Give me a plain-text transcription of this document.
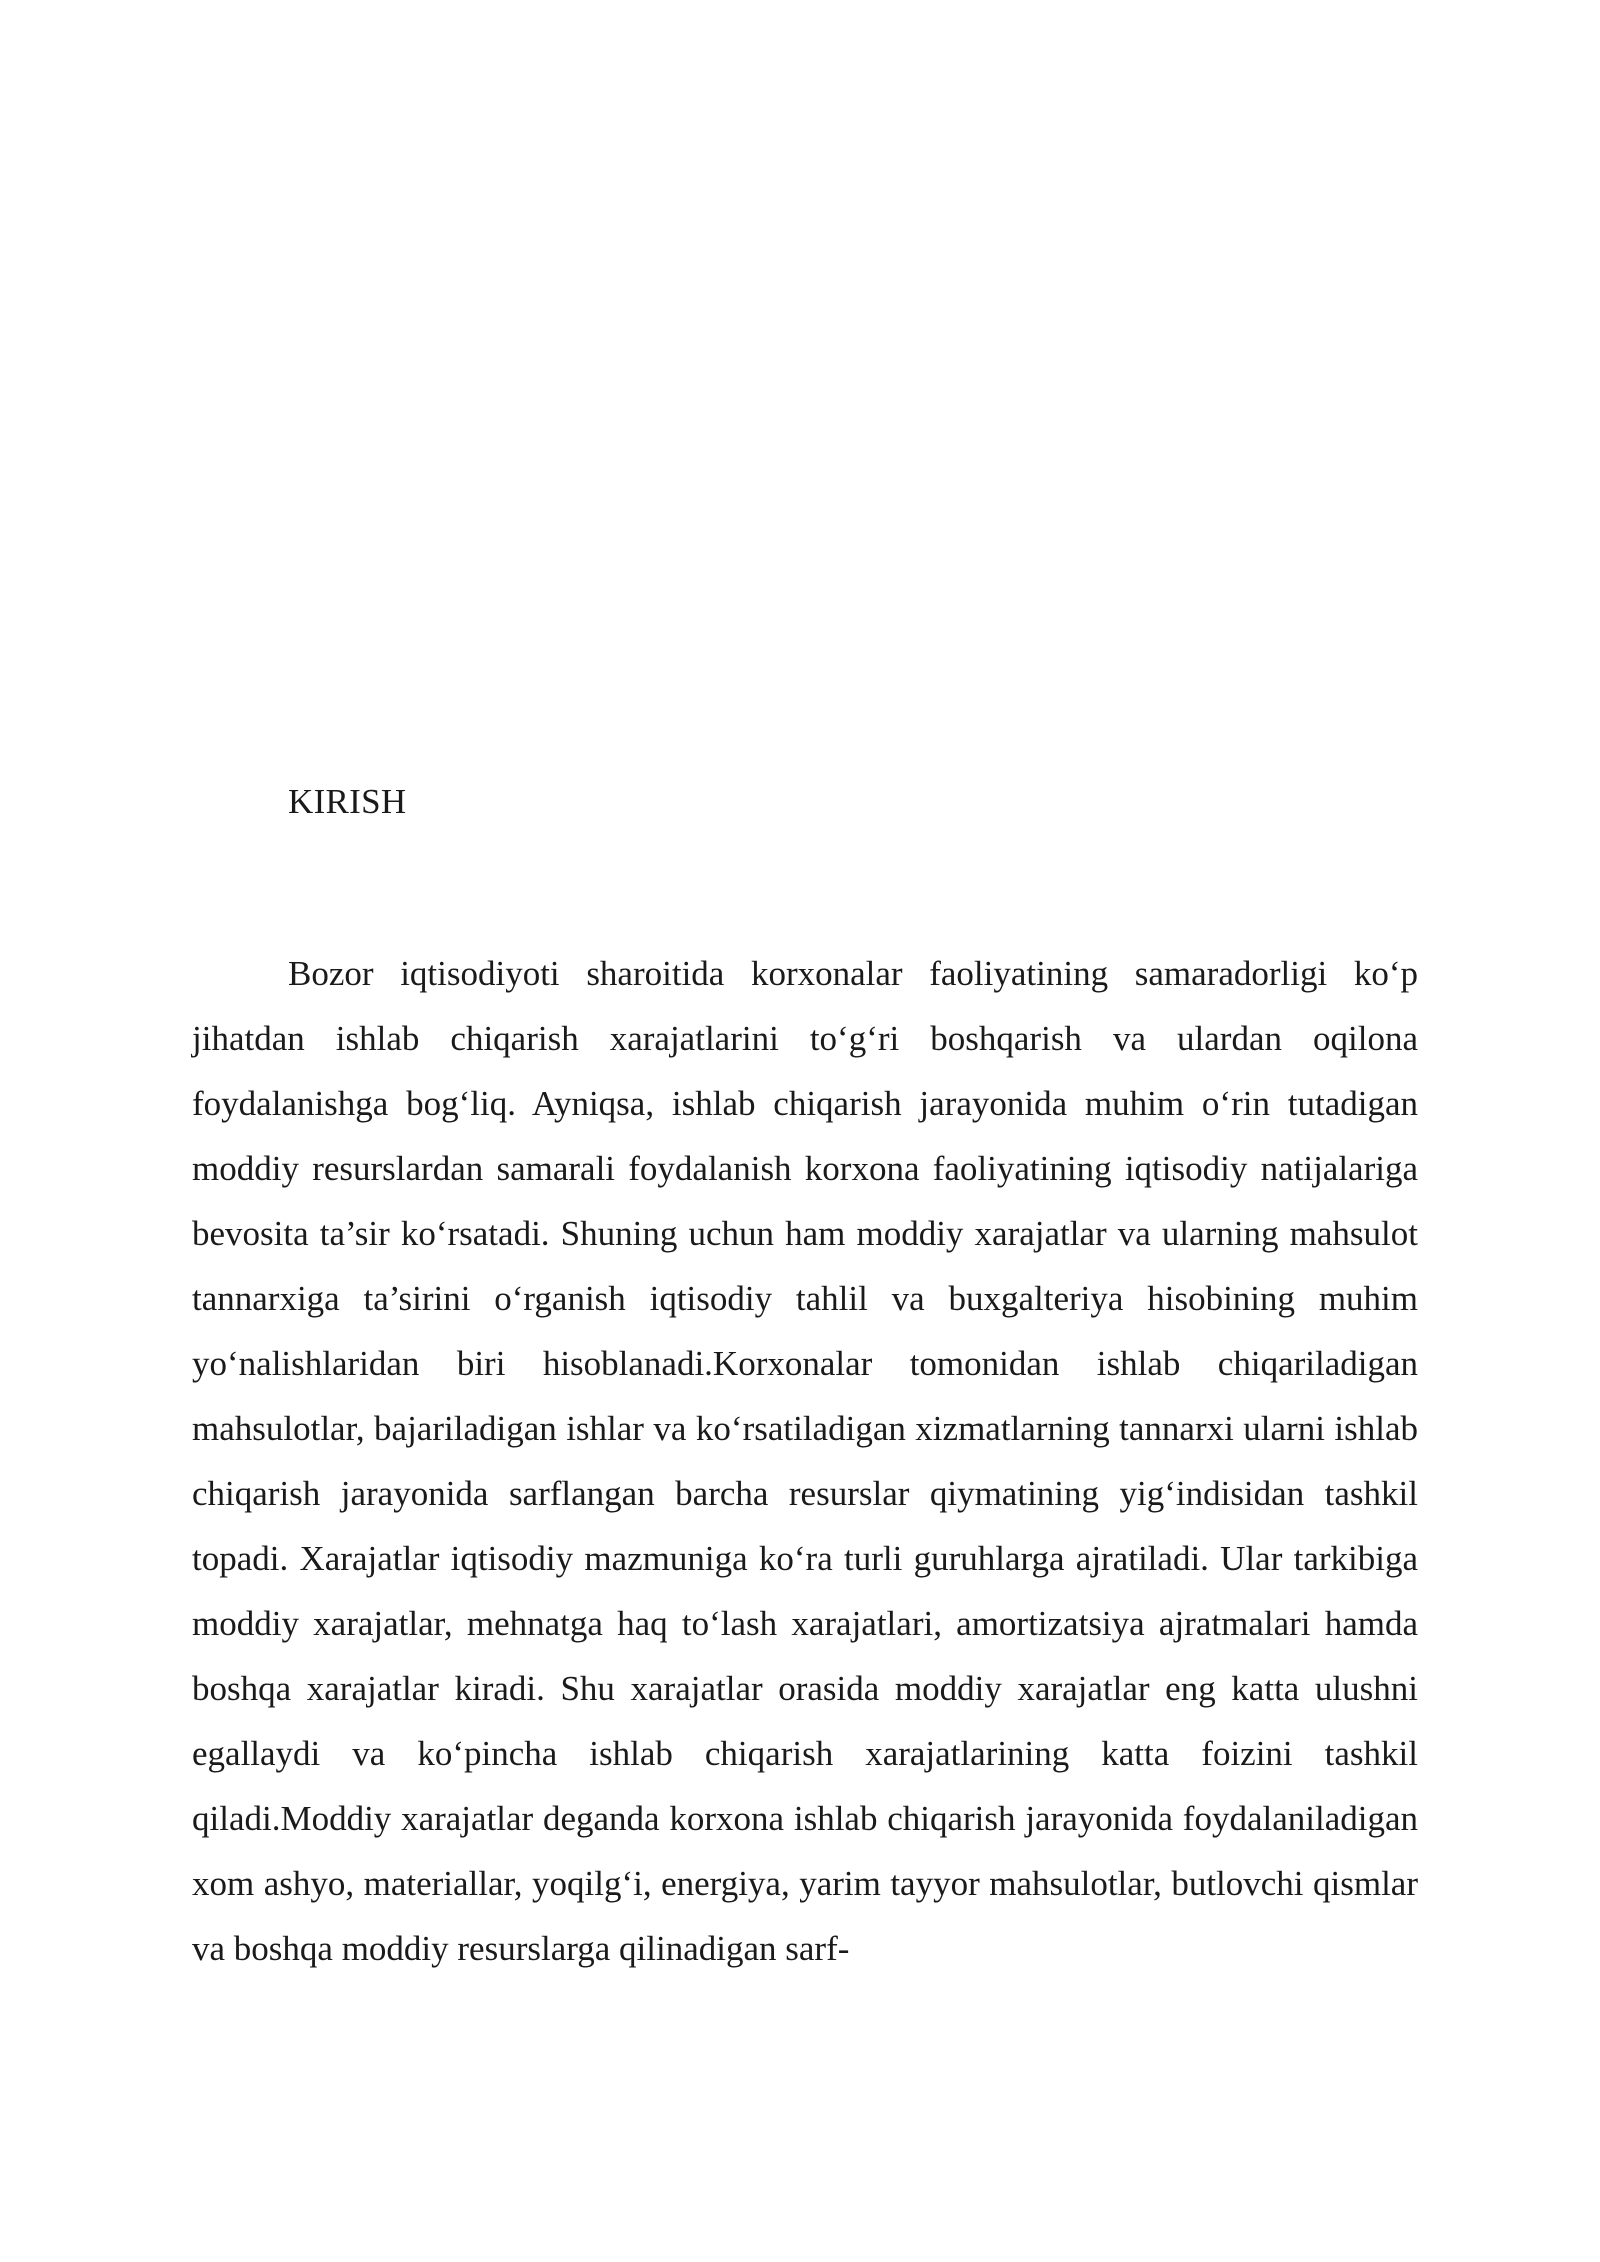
KIRISH

Bozor iqtisodiyoti sharoitida korxonalar faoliyatining samaradorligi ko‘p jihatdan ishlab chiqarish xarajatlarini to‘g‘ri boshqarish va ulardan oqilona foydalanishga bog‘liq. Ayniqsa, ishlab chiqarish jarayonida muhim o‘rin tutadigan moddiy resurslardan samarali foydalanish korxona faoliyatining iqtisodiy natijalariga bevosita ta’sir ko‘rsatadi. Shuning uchun ham moddiy xarajatlar va ularning mahsulot tannarxiga ta’sirini o‘rganish iqtisodiy tahlil va buxgalteriya hisobining muhim yo‘nalishlaridan biri hisoblanadi.Korxonalar tomonidan ishlab chiqariladigan mahsulotlar, bajariladigan ishlar va ko‘rsatiladigan xizmatlarning tannarxi ularni ishlab chiqarish jarayonida sarflangan barcha resurslar qiymatining yig‘indisidan tashkil topadi. Xarajatlar iqtisodiy mazmuniga ko‘ra turli guruhlarga ajratiladi. Ular tarkibiga moddiy xarajatlar, mehnatga haq to‘lash xarajatlari, amortizatsiya ajratmalari hamda boshqa xarajatlar kiradi. Shu xarajatlar orasida moddiy xarajatlar eng katta ulushni egallaydi va ko‘pincha ishlab chiqarish xarajatlarining katta foizini tashkil qiladi.Moddiy xarajatlar deganda korxona ishlab chiqarish jarayonida foydalaniladigan xom ashyo, materiallar, yoqilg‘i, energiya, yarim tayyor mahsulotlar, butlovchi qismlar va boshqa moddiy resurslarga qilinadigan sarf-
